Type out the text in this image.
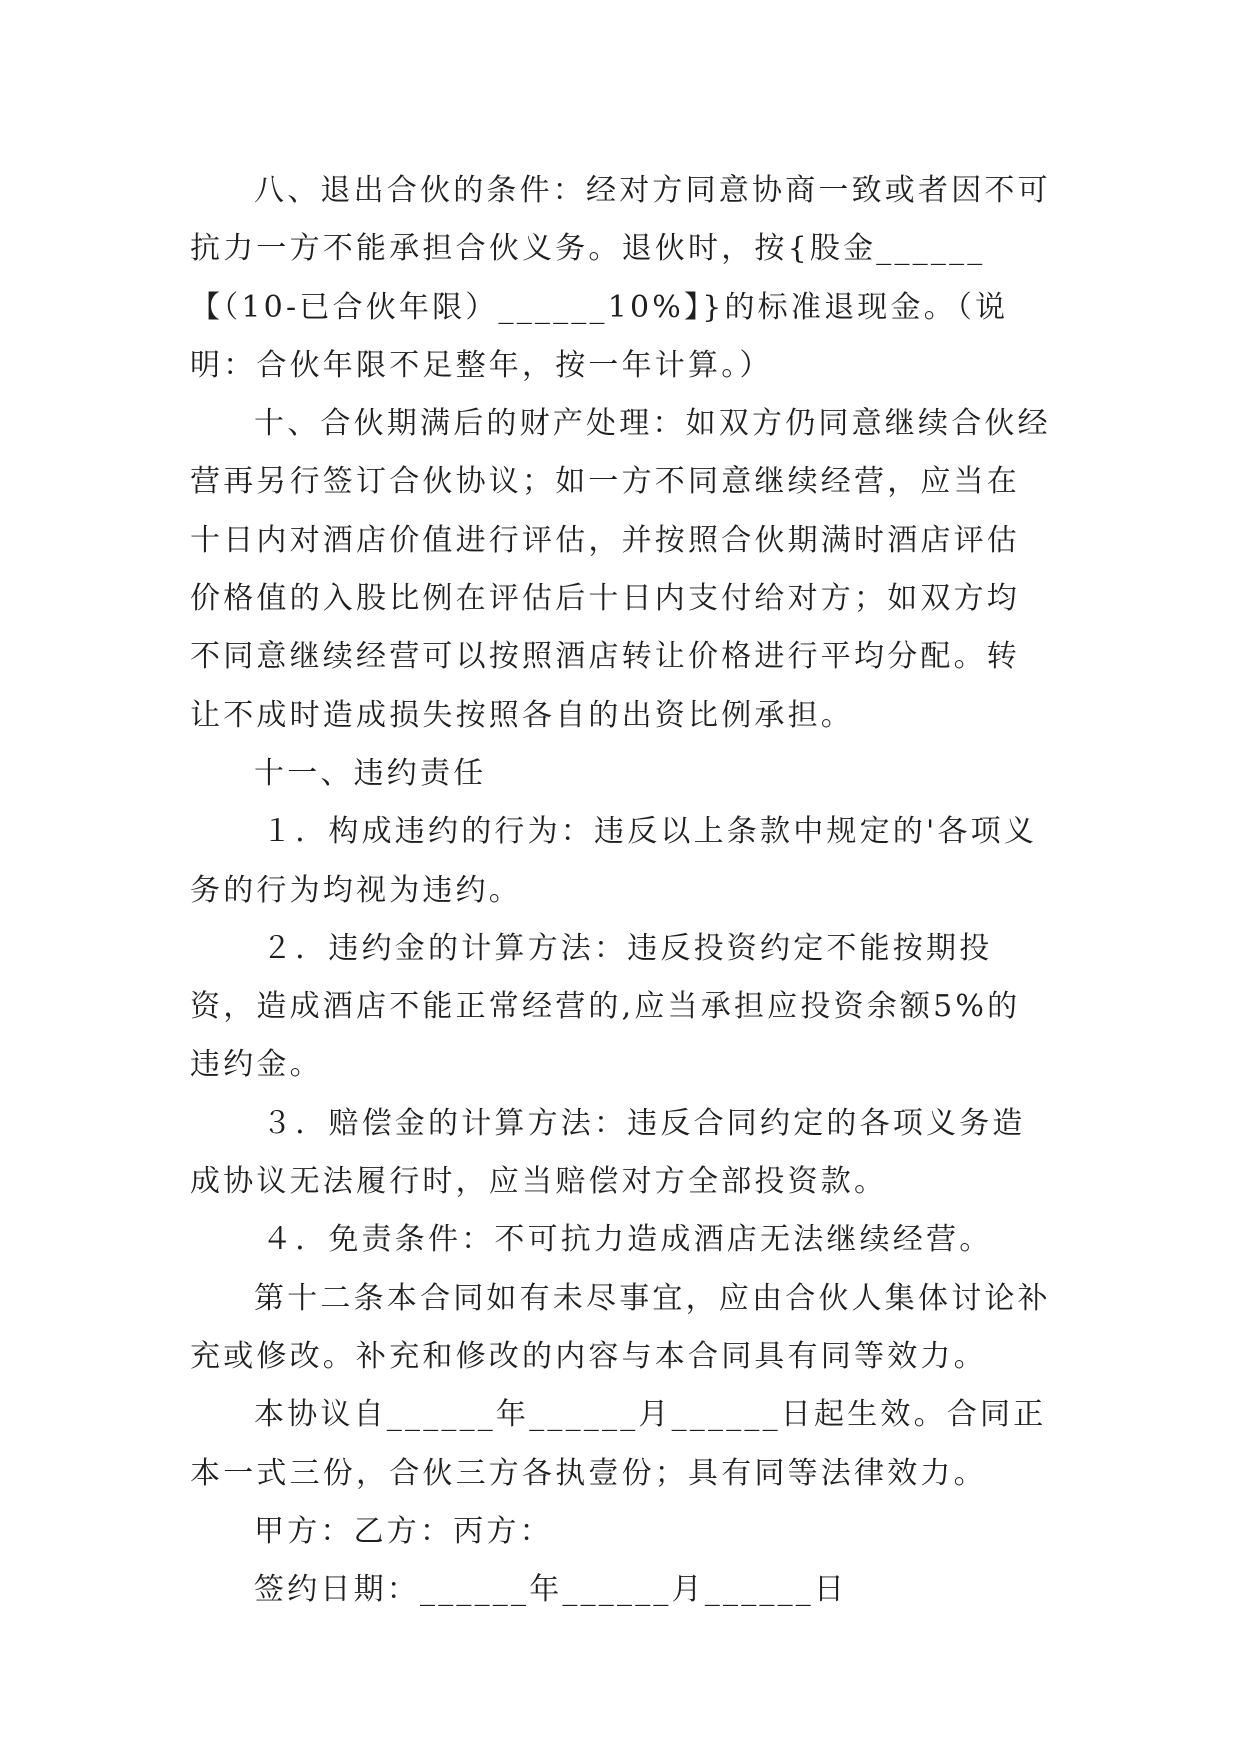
八、退出合伙的条件：经对方同意协商一致或者因不可抗力一方不能承担合伙义务。退伙时，按{股金______【（10-已合伙年限）______10%】}的标准退现金。（说明：合伙年限不足整年，按一年计算。）

十、合伙期满后的财产处理：如双方仍同意继续合伙经营再另行签订合伙协议；如一方不同意继续经营，应当在十日内对酒店价值进行评估，并按照合伙期满时酒店评估价格值的入股比例在评估后十日内支付给对方；如双方均不同意继续经营可以按照酒店转让价格进行平均分配。转让不成时造成损失按照各自的出资比例承担。

十一、违约责任

１．构成违约的行为：违反以上条款中规定的'各项义务的行为均视为违约。

２．违约金的计算方法：违反投资约定不能按期投资，造成酒店不能正常经营的,应当承担应投资余额5%的违约金。

３．赔偿金的计算方法：违反合同约定的各项义务造成协议无法履行时，应当赔偿对方全部投资款。

４．免责条件：不可抗力造成酒店无法继续经营。

第十二条本合同如有未尽事宜，应由合伙人集体讨论补充或修改。补充和修改的内容与本合同具有同等效力。

本协议自______年______月______日起生效。合同正本一式三份，合伙三方各执壹份；具有同等法律效力。

甲方：乙方：丙方：

签约日期：______年______月______日
